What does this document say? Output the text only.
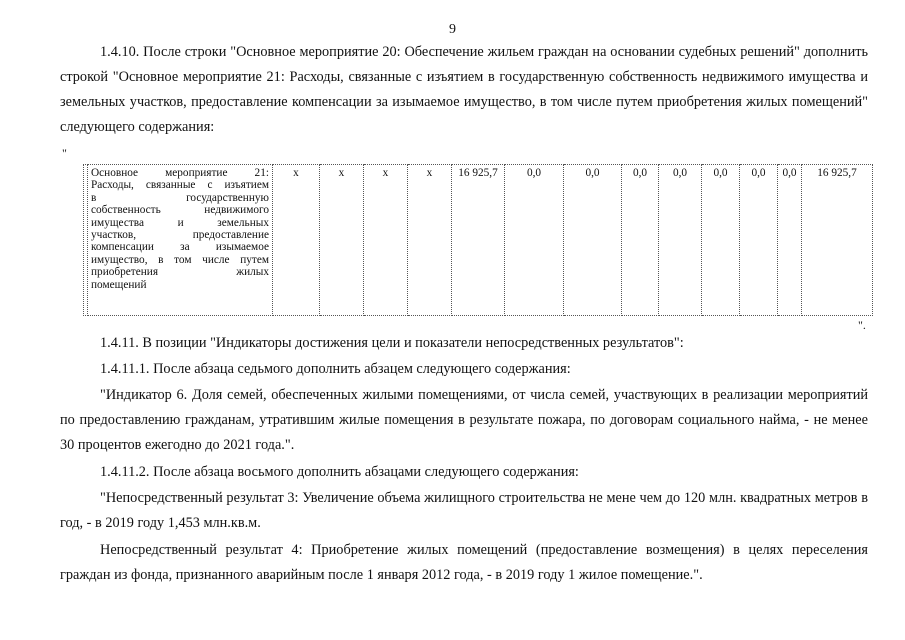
9

1.4.10. После строки "Основное мероприятие 20: Обеспечение жильем граждан на основании судебных решений" дополнить строкой "Основное мероприятие 21: Расходы, связанные с изъятием в государственную собственность недвижимого имущества и земельных участков, предоставление компенсации за изымаемое имущество, в том числе путем приобретения жилых помещений" следующего содержания:

"

Основное мероприятие 21:
Расходы, связанные с изъятием
в государственную
собственность недвижимого
имущества и земельных
участков, предоставление
компенсации за изымаемое
имущество, в том числе путем
приобретения жилых
помещений
	х	х	х	х	16 925,7	0,0	0,0	0,0	0,0	0,0	0,0	0,0	16 925,7
".

1.4.11. В позиции "Индикаторы достижения цели и показатели непосредственных результатов":

1.4.11.1. После абзаца седьмого дополнить абзацем следующего содержания:

"Индикатор 6. Доля семей, обеспеченных жилыми помещениями, от числа семей, участвующих в реализации мероприятий по предоставлению гражданам, утратившим жилые помещения в результате пожара, по договорам социального найма, - не менее 30 процентов ежегодно до 2021 года.".

1.4.11.2. После абзаца восьмого дополнить абзацами следующего содержания:

"Непосредственный результат 3: Увеличение объема жилищного строительства не мене чем до 120 млн. квадратных метров в год, - в 2019 году 1,453 млн.кв.м.

Непосредственный результат 4: Приобретение жилых помещений (предоставление возмещения) в целях переселения граждан из фонда, признанного аварийным после 1 января 2012 года, - в 2019 году 1 жилое помещение.".
